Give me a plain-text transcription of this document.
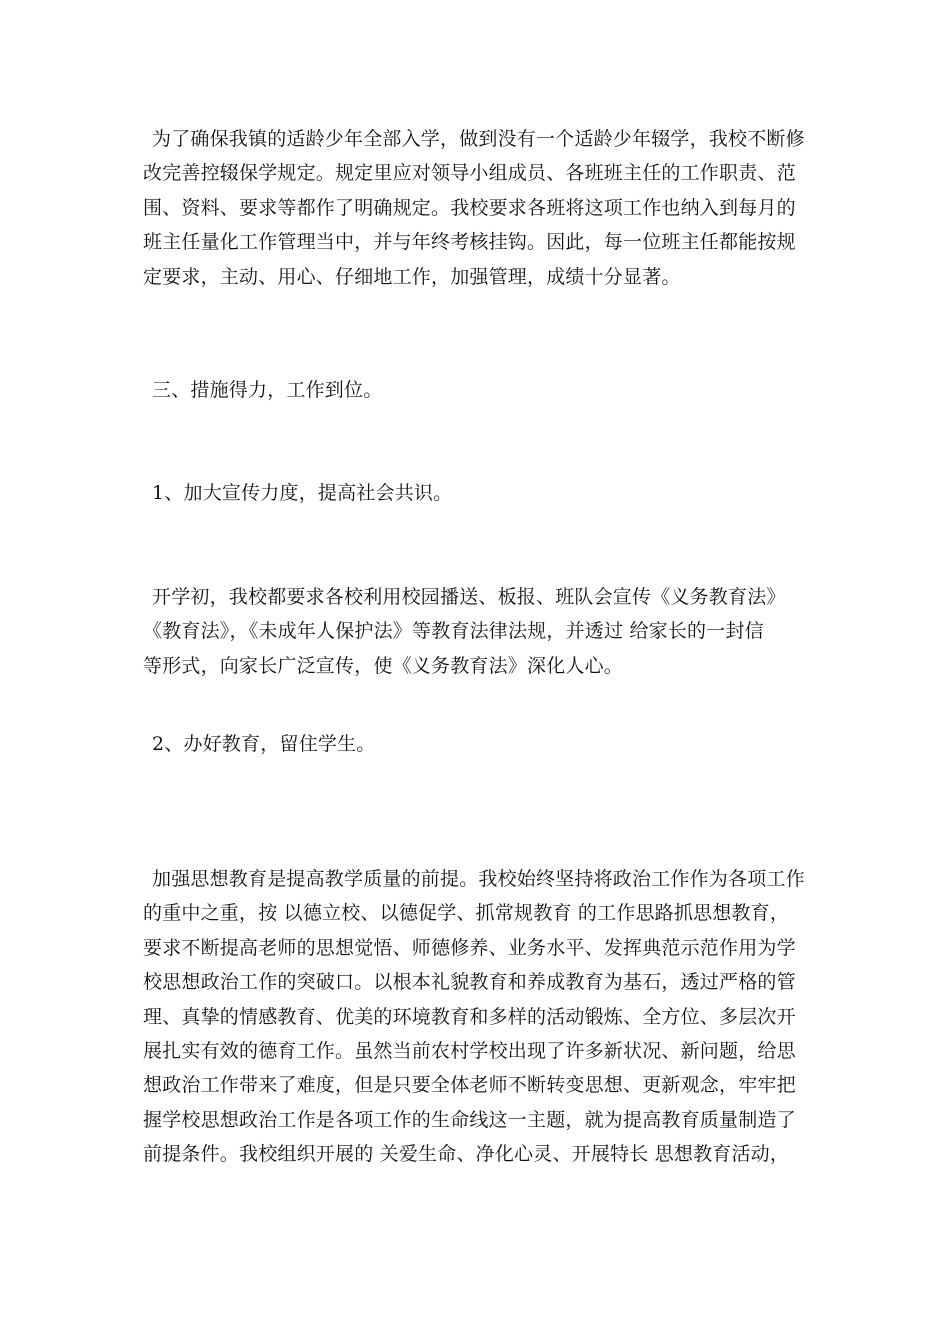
为了确保我镇的适龄少年全部入学，做到没有一个适龄少年辍学，我校不断修
改完善控辍保学规定。规定里应对领导小组成员、各班班主任的工作职责、范
围、资料、要求等都作了明确规定。我校要求各班将这项工作也纳入到每月的
班主任量化工作管理当中，并与年终考核挂钩。因此，每一位班主任都能按规
定要求，主动、用心、仔细地工作，加强管理，成绩十分显著。
三、措施得力，工作到位。
1、加大宣传力度，提高社会共识。
开学初，我校都要求各校利用校园播送、板报、班队会宣传《义务教育法》
《教育法》，《未成年人保护法》等教育法律法规，并透过 给家长的一封信
等形式，向家长广泛宣传，使《义务教育法》深化人心。
2、办好教育，留住学生。
加强思想教育是提高教学质量的前提。我校始终坚持将政治工作作为各项工作
的重中之重，按 以德立校、以德促学、抓常规教育 的工作思路抓思想教育，
要求不断提高老师的思想觉悟、师德修养、业务水平、发挥典范示范作用为学
校思想政治工作的突破口。以根本礼貌教育和养成教育为基石，透过严格的管
理、真挚的情感教育、优美的环境教育和多样的活动锻炼、全方位、多层次开
展扎实有效的德育工作。虽然当前农村学校出现了许多新状况、新问题，给思
想政治工作带来了难度，但是只要全体老师不断转变思想、更新观念，牢牢把
握学校思想政治工作是各项工作的生命线这一主题，就为提高教育质量制造了
前提条件。我校组织开展的 关爱生命、净化心灵、开展特长 思想教育活动，
